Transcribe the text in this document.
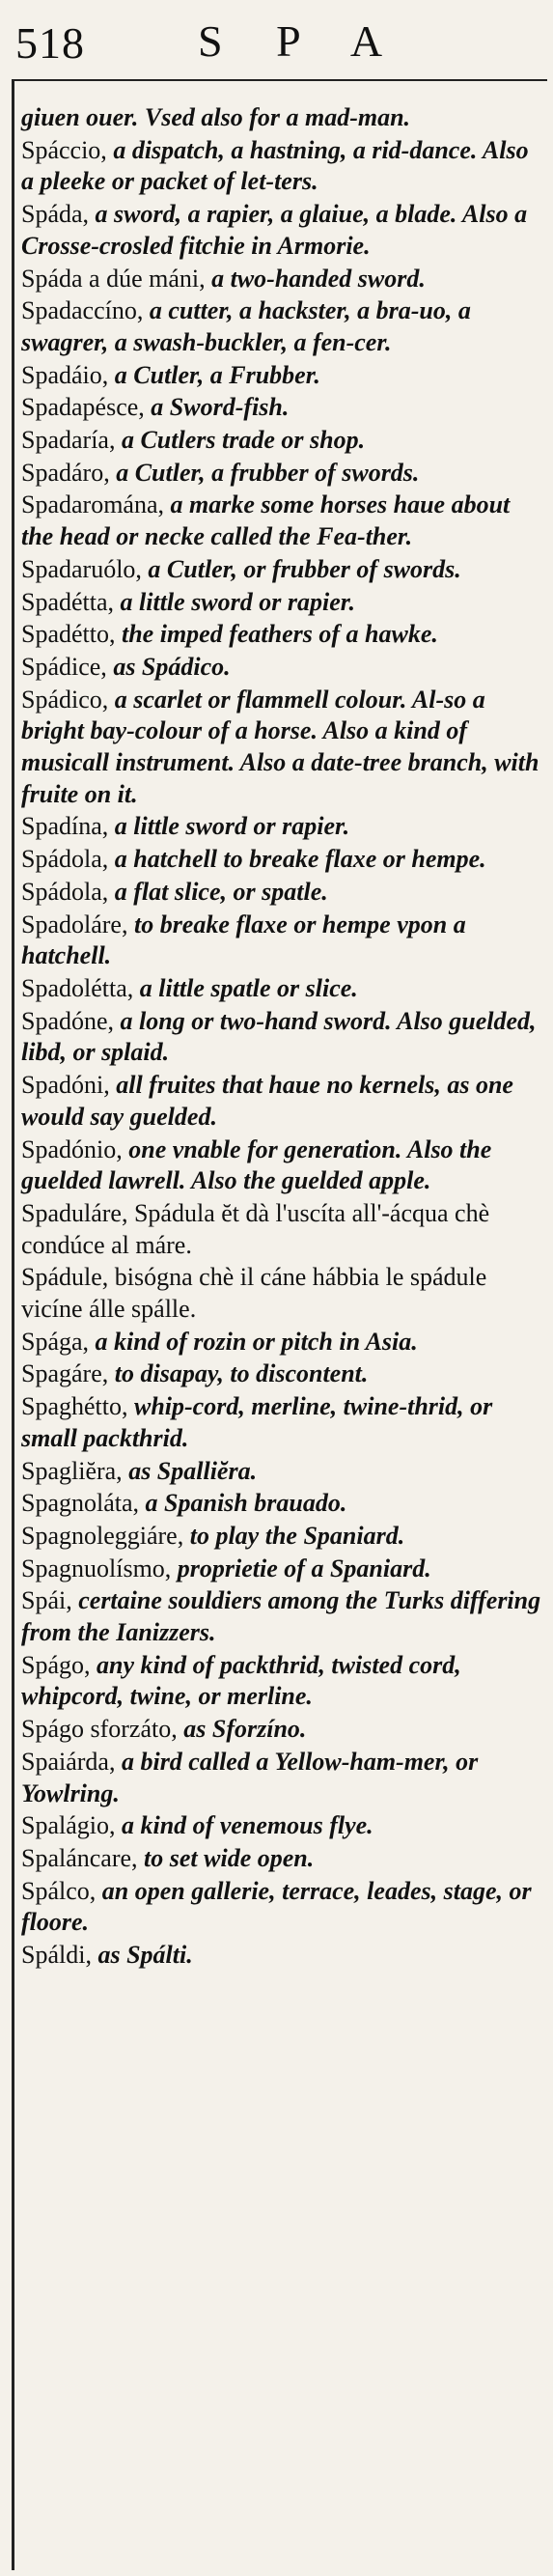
518	S P A
giuen ouer. Vsed also for a mad-man.
Spáccio, a dispatch, a hastning, a rid-dance. Also a pleeke or packet of let-ters.
Spáda, a sword, a rapier, a glaiue, a blade. Also a Crosse-crosled fitchie in Armorie.
Spáda a dúe máni, a two-handed sword.
Spadaccíno, a cutter, a hackster, a bra-uo, a swagrer, a swash-buckler, a fen-cer.
Spadáio, a Cutler, a Frubber.
Spadapésce, a Sword-fish.
Spadaría, a Cutlers trade or shop.
Spadáro, a Cutler, a frubber of swords.
Spadaromána, a marke some horses haue about the head or necke called the Fea-ther.
Spadaruólo, a Cutler, or frubber of swords.
Spadétta, a little sword or rapier.
Spadétto, the imped feathers of a hawke.
Spádice, as Spádico.
Spádico, a scarlet or flammell colour. Al-so a bright bay-colour of a horse. Also a kind of musicall instrument. Also a date-tree branch, with fruite on it.
Spadína, a little sword or rapier.
Spádola, a hatchell to breake flaxe or hempe.
Spádola, a flat slice, or spatle.
Spadoláre, to breake flaxe or hempe vpon a hatchell.
Spadolétta, a little spatle or slice.
Spadóne, a long or two-hand sword. Also guelded, libd, or splaid.
Spadóni, all fruites that haue no kernels, as one would say guelded.
Spadónio, one vnable for generation. Also the guelded lawrell. Also the guelded apple.
Spaduláre, Spádula ĕt dà l'uscíta all'-ácqua chè condúce al máre.
Spádule, bisógna chè il cáne hábbia le spádule vicíne álle spálle.
Spága, a kind of rozin or pitch in Asia.
Spagáre, to disapay, to discontent.
Spaghétto, whip-cord, merline, twine-thrid, or small packthrid.
Spagliĕra, as Spalliĕra.
Spagnoláta, a Spanish brauado.
Spagnoleggiáre, to play the Spaniard.
Spagnuolísmo, proprietie of a Spaniard.
Spái, certaine souldiers among the Turks differing from the Ianizzers.
Spágo, any kind of packthrid, twisted cord, whipcord, twine, or merline.
Spágo sforzáto, as Sforzíno.
Spaiárda, a bird called a Yellow-ham-mer, or Yowlring.
Spalágio, a kind of venemous flye.
Spaláncare, to set wide open.
Spálco, an open gallerie, terrace, leades, stage, or floore.
Spáldi, as Spálti.
